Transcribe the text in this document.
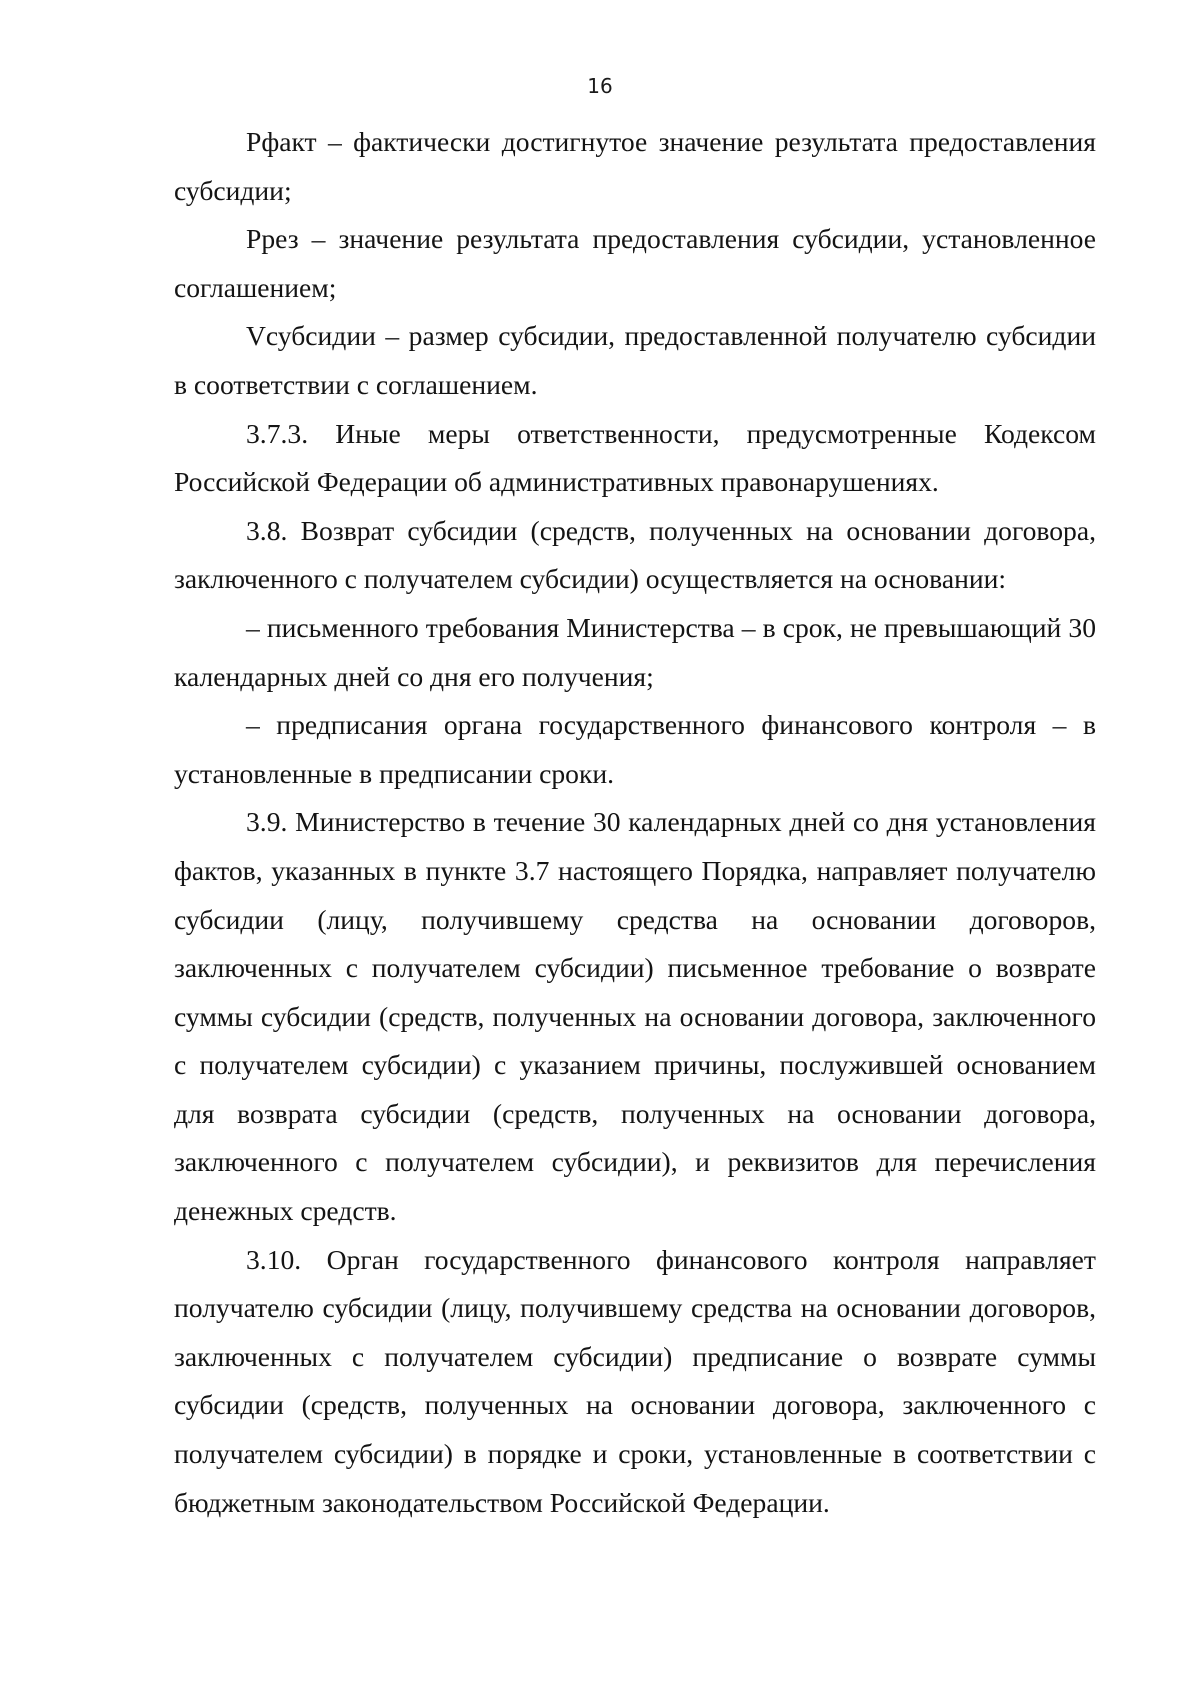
16

Рфакт – фактически достигнутое значение результата предоставления субсидии;

Ррез – значение результата предоставления субсидии, установленное соглашением;

Vсубсидии – размер субсидии, предоставленной получателю субсидии в соответствии с соглашением.

3.7.3. Иные меры ответственности, предусмотренные Кодексом Российской Федерации об административных правонарушениях.

3.8. Возврат субсидии (средств, полученных на основании договора, заключенного с получателем субсидии) осуществляется на основании:

– письменного требования Министерства – в срок, не превышающий 30 календарных дней со дня его получения;

– предписания органа государственного финансового контроля – в установленные в предписании сроки.

3.9. Министерство в течение 30 календарных дней со дня установления фактов, указанных в пункте 3.7 настоящего Порядка, направляет получателю субсидии (лицу, получившему средства на основании договоров, заключенных с получателем субсидии) письменное требование о возврате суммы субсидии (средств, полученных на основании договора, заключенного с получателем субсидии) с указанием причины, послужившей основанием для возврата субсидии (средств, полученных на основании договора, заключенного с получателем субсидии), и реквизитов для перечисления денежных средств.

3.10. Орган государственного финансового контроля направляет получателю субсидии (лицу, получившему средства на основании договоров, заключенных с получателем субсидии) предписание о возврате суммы субсидии (средств, полученных на основании договора, заключенного с получателем субсидии) в порядке и сроки, установленные в соответствии с бюджетным законодательством Российской Федерации.
